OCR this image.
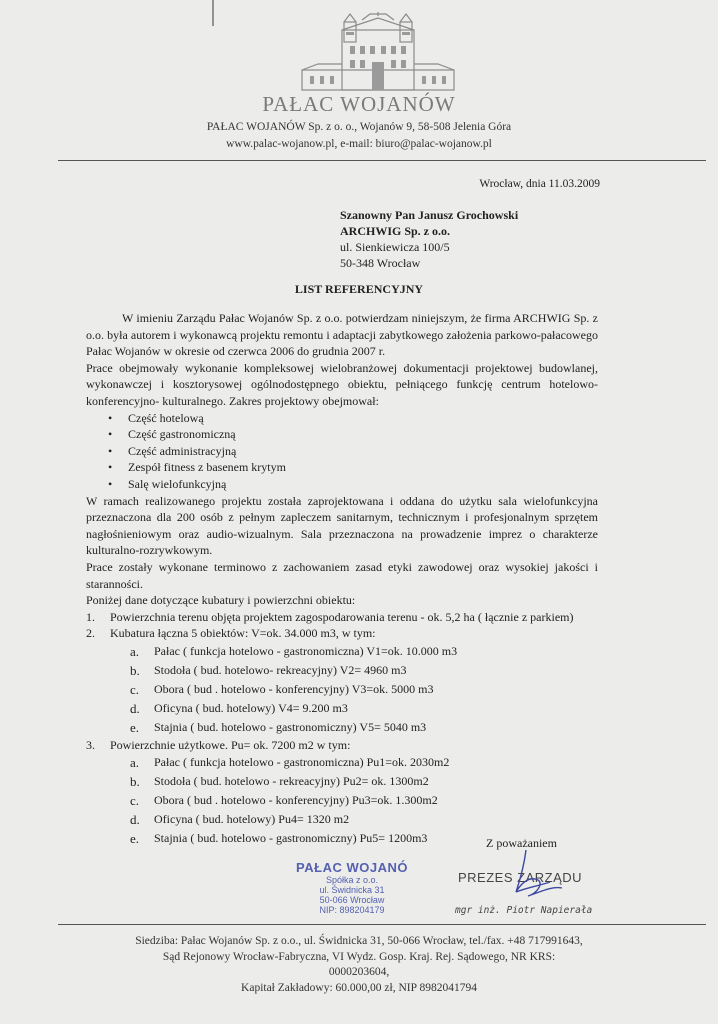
PAŁAC WOJANÓW
PAŁAC WOJANÓW Sp. z o. o., Wojanów 9, 58-508 Jelenia Góra
www.palac-wojanow.pl, e-mail: biuro@palac-wojanow.pl
Wrocław, dnia 11.03.2009
Szanowny Pan Janusz Grochowski
ARCHWIG Sp. z o.o.
ul. Sienkiewicza 100/5
50-348 Wrocław
LIST REFERENCYJNY

W imieniu Zarządu Pałac Wojanów Sp. z o.o. potwierdzam niniejszym, że firma ARCHWIG Sp. z o.o. była autorem i wykonawcą projektu remontu i adaptacji zabytkowego założenia parkowo-pałacowego Pałac Wojanów w okresie od czerwca 2006 do grudnia 2007 r.

Prace obejmowały wykonanie kompleksowej wielobranżowej dokumentacji projektowej budowlanej, wykonawczej i kosztorysowej ogólnodostępnego obiektu, pełniącego funkcję centrum hotelowo- konferencyjno- kulturalnego. Zakres projektowy obejmował:

• Część hotelową
• Część gastronomiczną
• Część administracyjną
• Zespół fitness z basenem krytym
• Salę wielofunkcyjną

W ramach realizowanego projektu została zaprojektowana i oddana do użytku sala wielofunkcyjna przeznaczona dla 200 osób z pełnym zapleczem sanitarnym, technicznym i profesjonalnym sprzętem nagłośnieniowym oraz audio-wizualnym. Sala przeznaczona na prowadzenie imprez o charakterze kulturalno-rozrywkowym.

Prace zostały wykonane terminowo z zachowaniem zasad etyki zawodowej oraz wysokiej jakości i staranności.

Poniżej dane dotyczące kubatury i powierzchni obiektu:

1. Powierzchnia terenu objęta projektem zagospodarowania terenu - ok. 5,2 ha ( łącznie z parkiem)
2. Kubatura łączna 5 obiektów: V=ok. 34.000 m3, w tym:
a. Pałac ( funkcja hotelowo - gastronomiczna) V1=ok. 10.000 m3
b. Stodoła ( bud. hotelowo- rekreacyjny) V2= 4960 m3
c. Obora ( bud . hotelowo - konferencyjny) V3=ok. 5000 m3
d. Oficyna ( bud. hotelowy) V4= 9.200 m3
e. Stajnia ( bud. hotelowo - gastronomiczny) V5= 5040 m3
3. Powierzchnie użytkowe. Pu= ok. 7200 m2 w tym:
a. Pałac ( funkcja hotelowo - gastronomiczna) Pu1=ok. 2030m2
b. Stodoła ( bud. hotelowo - rekreacyjny) Pu2= ok. 1300m2
c. Obora ( bud . hotelowo - konferencyjny) Pu3=ok. 1.300m2
d. Oficyna ( bud. hotelowy) Pu4= 1320 m2
e. Stajnia ( bud. hotelowo - gastronomiczny) Pu5= 1200m3	Z poważaniem
PAŁAC WOJANÓ
Spółka z o.o.
ul. Świdnicka 31
50-066 Wrocław
NIP: 898204179
PREZES ZARZĄDU
mgr inż. Piotr Napierała
Siedziba: Pałac Wojanów Sp. z o.o., ul. Świdnicka 31, 50-066 Wrocław, tel./fax. +48 717991643,
Sąd Rejonowy Wrocław-Fabryczna, VI Wydz. Gosp. Kraj. Rej. Sądowego, NR KRS:
0000203604,
Kapitał Zakładowy: 60.000,00 zł, NIP 8982041794
